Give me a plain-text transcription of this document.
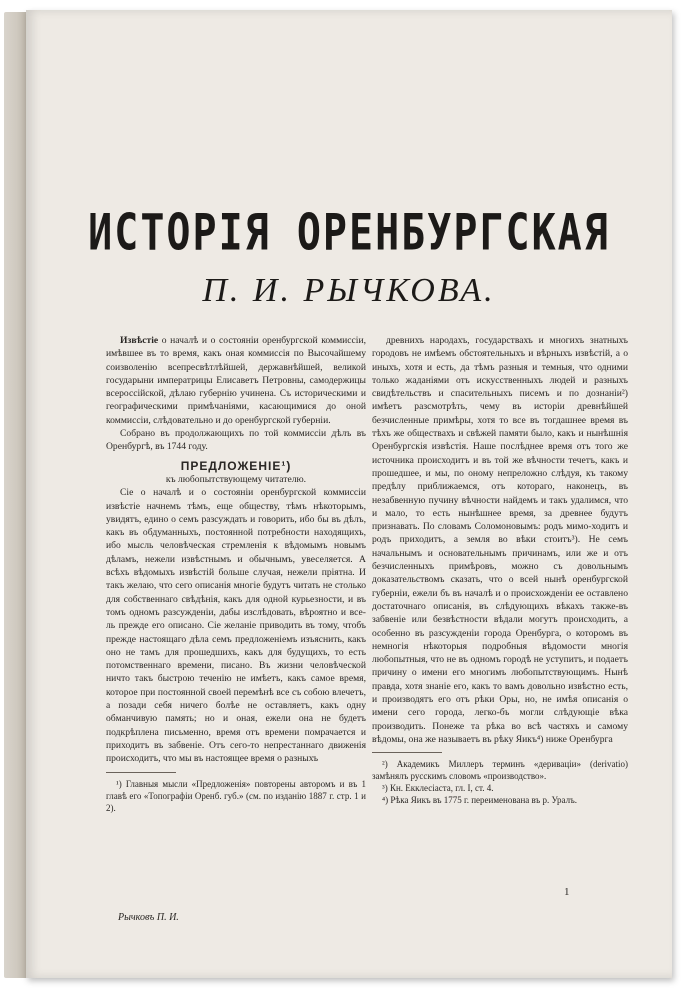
ИСТОРІЯ ОРЕНБУРГСКАЯ
П. И. РЫЧКОВА.

Извѣстіе о началѣ и о состояніи оренбургской коммиссіи, имѣвшее въ то время, какъ оная коммиссія по Высочайшему соизволенію всепресвѣтлѣйшей, державнѣйшей, великой государыни императрицы Елисаветъ Петровны, самодержицы всероссійской, дѣлаю губернію учинена. Съ историческими и географическими примѣчаніями, касающимися до оной коммиссіи, слѣдовательно и до оренбургской губерніи.

Собрано въ продолжающихъ по той коммиссіи дѣлъ въ Оренбургѣ, въ 1744 году.

ПРЕДЛОЖЕНІЕ¹)

къ любопытствующему читателю.

Сіе о началѣ и о состояніи оренбургской коммиссіи извѣстіе начнемъ тѣмъ, еще обществу, тѣмъ нѣкоторымъ, увидятъ, едино о семъ разсуждать и говорить, ибо бы въ дѣлъ, какъ въ обдуманныхъ, постоянной потребности находящихъ, ибо мысль человѣческая стремленія к вѣдомымъ новымъ дѣламъ, нежели извѣстнымъ и обычнымъ, увеселяется. А всѣхъ вѣдомыхъ извѣстій больше случая, нежели пріятна. И такъ желаю, что сего описанія многіе будутъ читать не столько для собственнаго свѣдѣнія, какъ для одной курьезности, и въ томъ одномъ разсужденіи, дабы изслѣдовать, вѣроятно и все-ль прежде его описано. Сіе желаніе приводить въ тому, чтобъ прежде настоящаго дѣла семъ предложеніемъ изъяснить, какъ оно не тамъ для прошедшихъ, какъ для будущихъ, то есть потомственнаго времени, писано. Въ жизни человѣческой ничто такъ быстрою теченію не имѣетъ, какъ самое время, которое при постоянной своей перемѣнѣ все съ собою влечетъ, а позади себя ничего болѣе не оставляетъ, какъ одну обманчивую память; но и оная, ежели она не будетъ подкрѣплена письменно, время отъ времени помрачается и приходитъ въ забвеніе. Отъ сего-то непрестаннаго движенія происходитъ, что мы въ настоящее время о разныхъ

¹) Главныя мысли «Предложенія» повторены авторомъ и въ 1 главѣ его «Топографіи Оренб. губ.» (см. по изданію 1887 г. стр. 1 и 2).

древнихъ народахъ, государствахъ и многихъ знатныхъ городовъ не имѣемъ обстоятельныхъ и вѣрныхъ извѣстій, а о иныхъ, хотя и есть, да тѣмъ разныя и темныя, что одними только жаданіями отъ искусственныхъ людей и разныхъ свидѣтельствъ и спасительныхъ писемъ и по дознаніи²) имѣетъ разсмотрѣть, чему въ исторіи древнѣйшей безчисленные примѣры, хотя то все въ тогдашнее время въ тѣхъ же обществахъ и свѣжей памяти было, какъ и нынѣшнія Оренбургскія извѣстія. Наше послѣднее время отъ того же источника происходитъ и въ той же вѣчности течетъ, какъ и прошедшее, и мы, по оному непреложно слѣдуя, къ такому предѣлу приближаемся, отъ котораго, наконецъ, въ незабвенную пучину вѣчности найдемъ и такъ удалимся, что и мало, то есть нынѣшнее время, за древнее будутъ признавать. По словамъ Соломоновымъ: родъ мимо-ходитъ и родъ приходитъ, а земля во вѣки стоитъ³). Не семъ начальнымъ и основательнымъ причинамъ, или же и отъ безчисленныхъ примѣровъ, можно съ довольнымъ доказательствомъ сказать, что о всей нынѣ оренбургской губерніи, ежели бъ въ началѣ и о происхожденіи ее оставлено достаточнаго описанія, въ слѣдующихъ вѣкахъ также-въ забвеніе или безвѣстности вѣдали могутъ происходить, а особенно въ разсужденіи города Оренбурга, о которомъ въ немногія нѣкоторыя подробныя вѣдомости многія любопытныя, что не въ одномъ городѣ не уступитъ, и подаетъ причину о имени его многимъ любопытствующимъ. Нынѣ правда, хотя знаніе его, какъ то вамъ довольно извѣстно есть, и производятъ его отъ рѣки Оры, но, не имѣя описанія о имени сего города, легко-бъ могли слѣдующіе вѣка производить. Понеже та рѣка во всѣ частяхъ и самому вѣдомы, она же называетъ въ рѣку Яикъ⁴) ниже Оренбурга

²) Академикъ Миллеръ терминъ «дериваціи» (derivatio) замѣнялъ русскимъ словомъ «производство».

³) Кн. Екклесіаста, гл. I, ст. 4.

⁴) Рѣка Яикъ въ 1775 г. переименована въ р. Уралъ.

1
Рычковъ П. И.
